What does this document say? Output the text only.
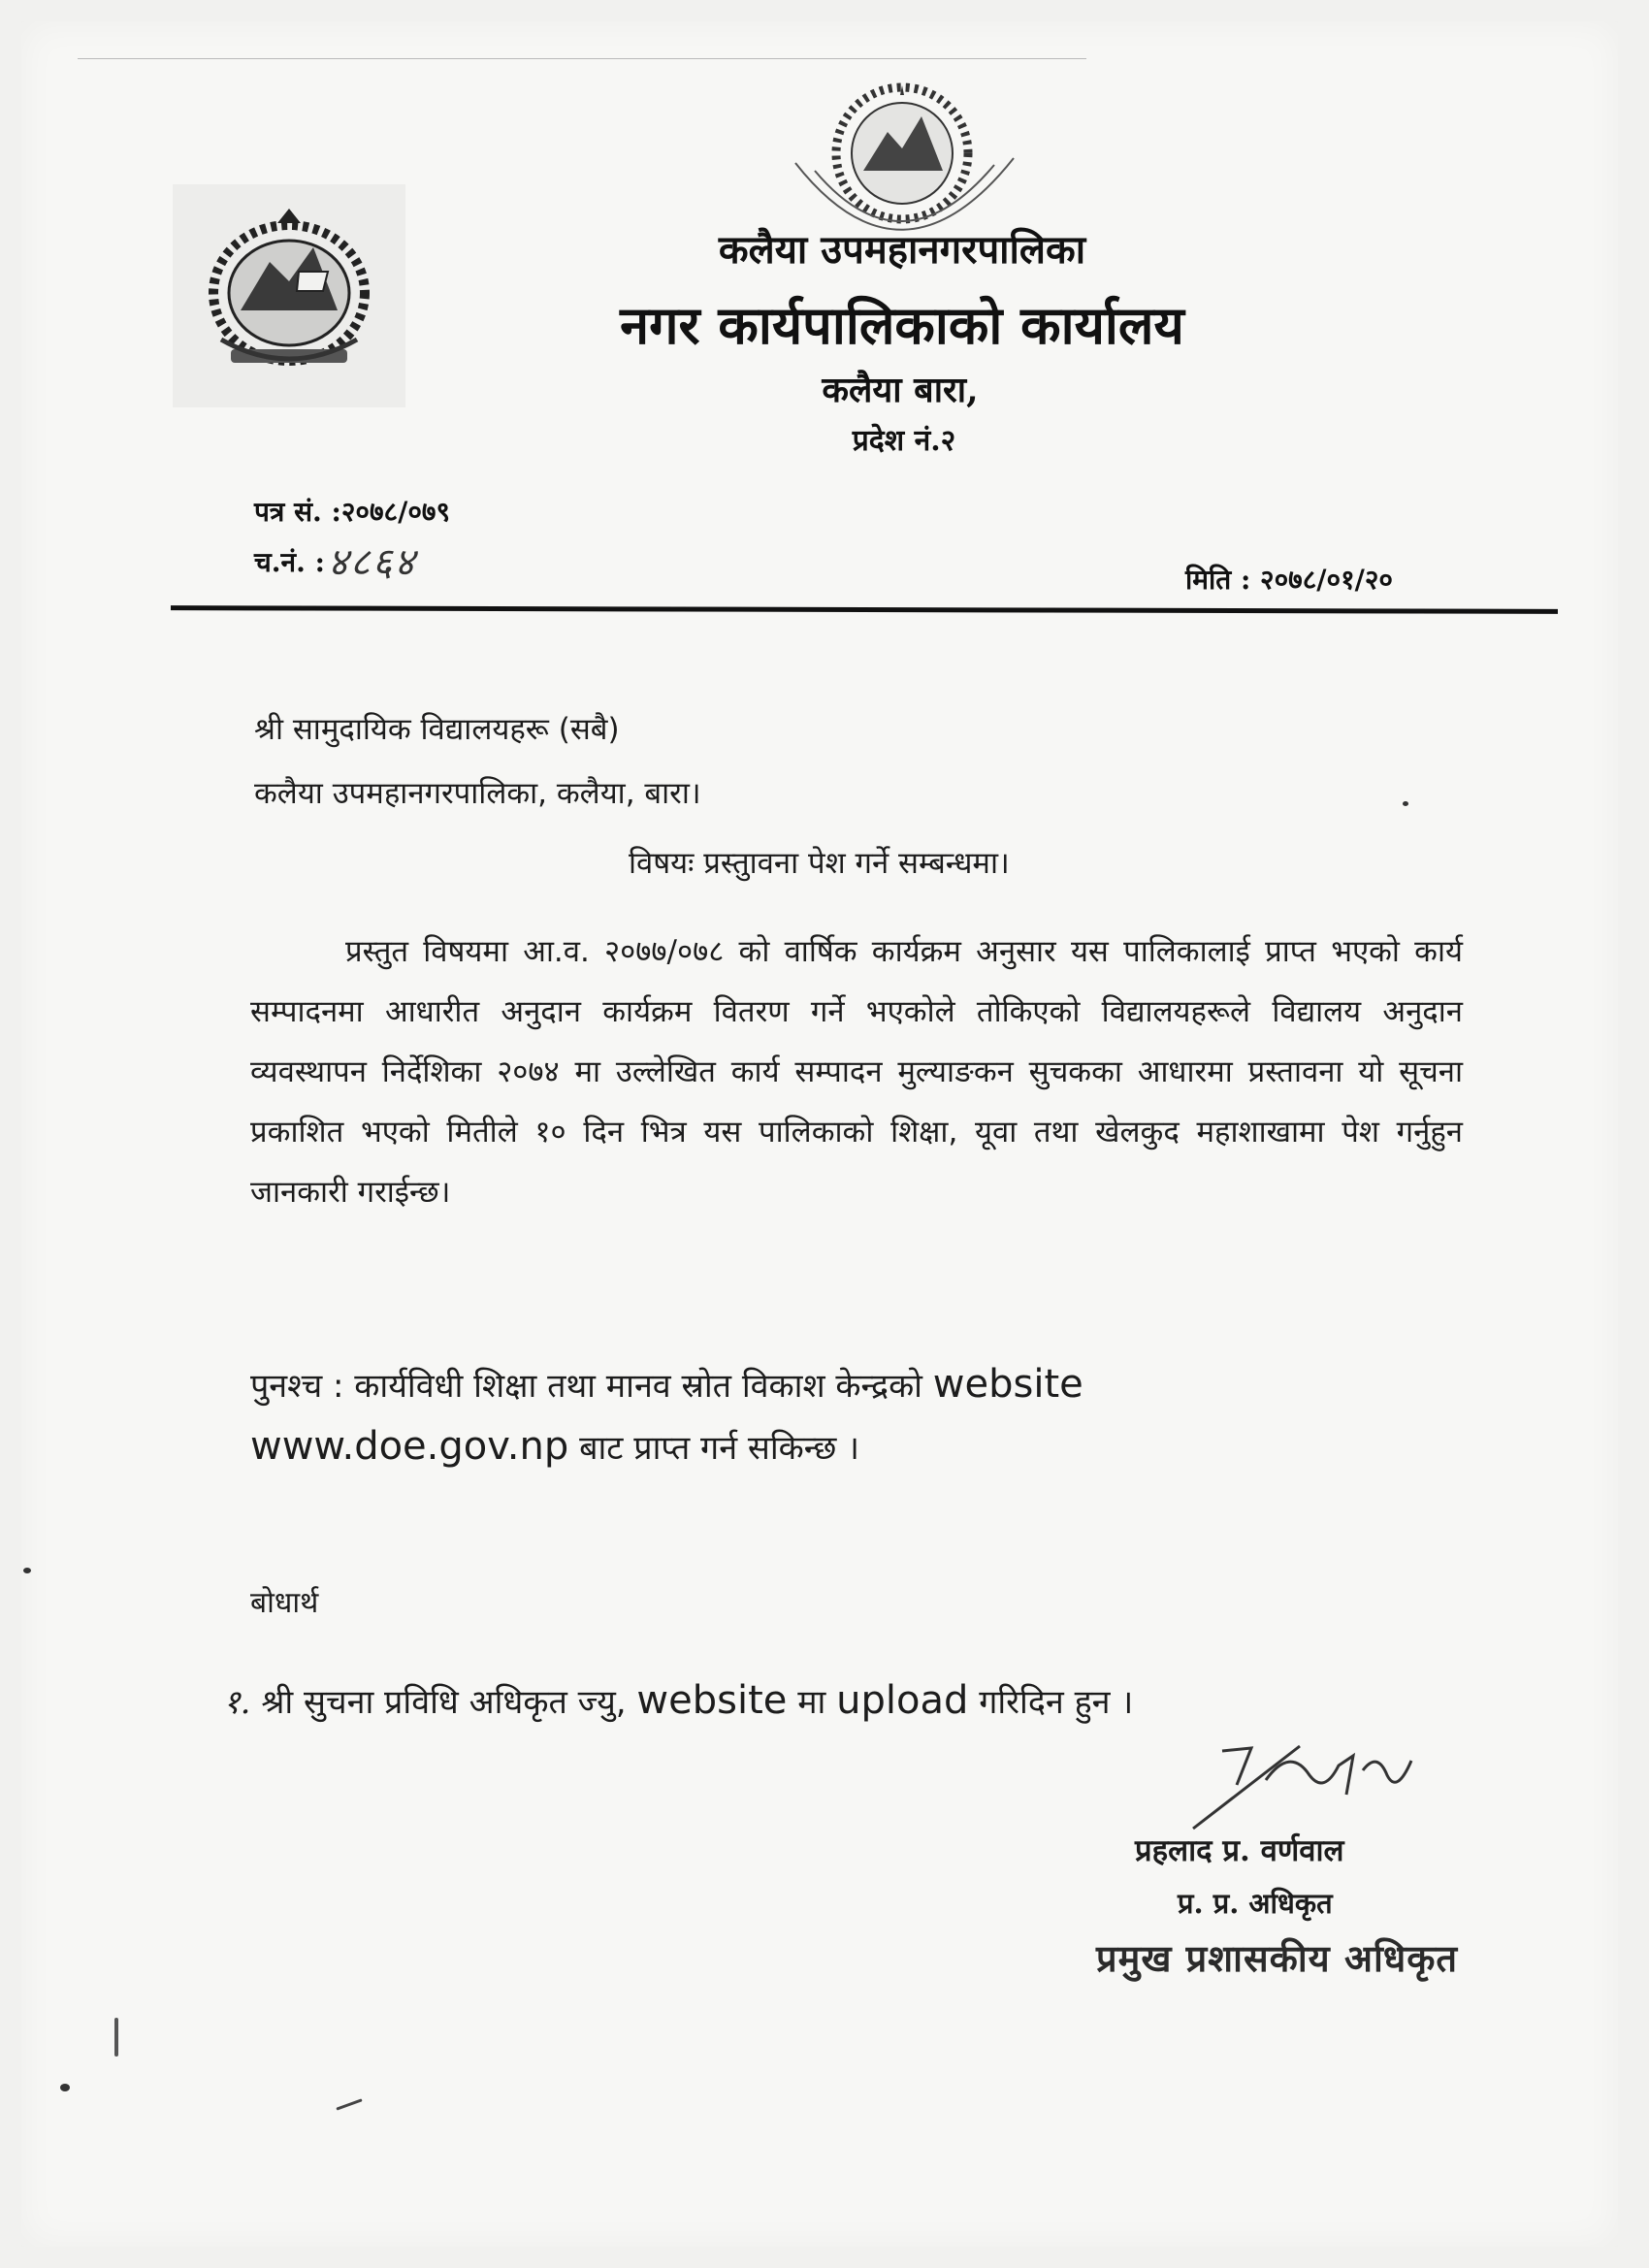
कलैया उपमहानगरपालिका
नगर कार्यपालिकाको कार्यालय
कलैया बारा,
प्रदेश नं.२
पत्र सं. :२०७८/०७९
च.नं. : ४८६४	मिति : २०७८/०१/२०
श्री सामुदायिक विद्यालयहरू (सबै)
कलैया उपमहानगरपालिका, कलैया, बारा।
विषयः प्रस्तुावना पेश गर्ने सम्बन्धमा।
प्रस्तुत विषयमा आ.व. २०७७/०७८ को वार्षिक कार्यक्रम अनुसार यस पालिकालाई प्राप्त भएको कार्य सम्पादनमा आधारीत अनुदान कार्यक्रम वितरण गर्ने भएकोले तोकिएको विद्यालयहरूले विद्यालय अनुदान व्यवस्थापन निर्देशिका २०७४ मा उल्लेखित कार्य सम्पादन मुल्याङकन सुचकका आधारमा प्रस्तावना यो सूचना प्रकाशित भएको मितीले १० दिन भित्र यस पालिकाको शिक्षा, यूवा तथा खेलकुद महाशाखामा पेश गर्नुहुन जानकारी गराईन्छ।
पुनश्च : कार्यविधी शिक्षा तथा मानव स्रोत विकाश केन्द्रको website
www.doe.gov.np बाट प्राप्त गर्न सकिन्छ ।
बोधार्थ
१. श्री सुचना प्रविधि अधिकृत ज्यु, website मा upload गरिदिन हुन ।
प्रहलाद प्र. वर्णवाल
प्र. प्र. अधिकृत
प्रमुख प्रशासकीय अधिकृत
